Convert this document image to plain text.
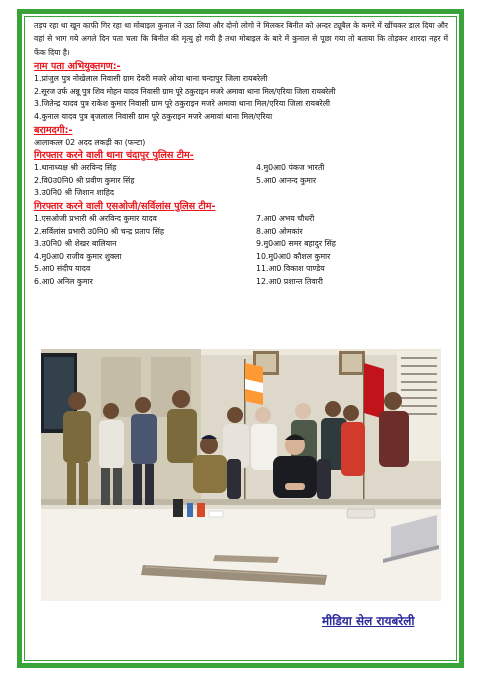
तड़प रहा था खून काफी गिर रहा था मोबाइल कुनाल ने उठा लिया और दोनो लोगो ने मिलकर बिनीत को अन्दर ट्यूबैल के कमरे में खींचकर डाल दिया और वहां से भाग गये अगले दिन पता चला कि बिनीत की मृत्यु हो गयी है तथा मोबाइल के बारे में कुनाल से पूछा गया तो बताया कि तोड़कर शारदा नहर में फेंक दिया है।

नाम पता अभियुक्तगण:-

1.प्रांजुल पुत्र नोखेलाल निवासी ग्राम देवरी मजरे ओया थाना चन्दापुर जिला रायबरेली

2.सूरज उर्फ अन्नू पुत्र शिव मोहन यादव निवासी ग्राम पूरे ठकुराइन मजरे अमावा थाना मिल/एरिया जिला रायबरेली

3.जितेन्द्र यादव पुत्र राकेश कुमार निवासी ग्राम पूरे ठकुराइन मजरे अमावा थाना मिल/एरिया जिला रायबरेली

4.कुनाल यादव पुत्र बृजलाल निवासी ग्राम पूरे ठकुराइन मजरे अमावां थाना मिल/एरिया

बरामदगी:-

आलाकत्ल 02 अदद लकड़ी का (फन्टा)

गिरफ्तार करने वाली थाना चंदापुर पुलिस टीम-

1.थानाध्यक्ष श्री अरविन्द सिंह

2.वि0उ0नि0 श्री प्रवीण कुमार सिंह

3.उ0नि0 श्री जिशान शाहिद

4.मु0आ0 पंकज भारती

5.आ0 आनन्द कुमार

गिरफ्तार करने वाली एसओजी/सर्विलांस पुलिस टीम-

1.एसओजी प्रभारी श्री अरविन्द कुमार यादव

2.सर्विलांस प्रभारी उ0नि0 श्री चन्द्र प्रताप सिंह

3.उ0नि0 श्री शेखर बालियान

4.मु0आ0 राजीव कुमार शुक्ला

5.आ0 संदीप यादव

6.आ0 अनिल कुमार

7.आ0 अभय चौधरी

8.आ0 ओमकांर

9.मु0आ0 समर बहादुर सिंह

10.मु0आ0 कौशल कुमार

11.आ0 विकाश पाण्डेय

12.आ0 प्रशान्त तिवारी

मीडिया सेल रायबरेली
